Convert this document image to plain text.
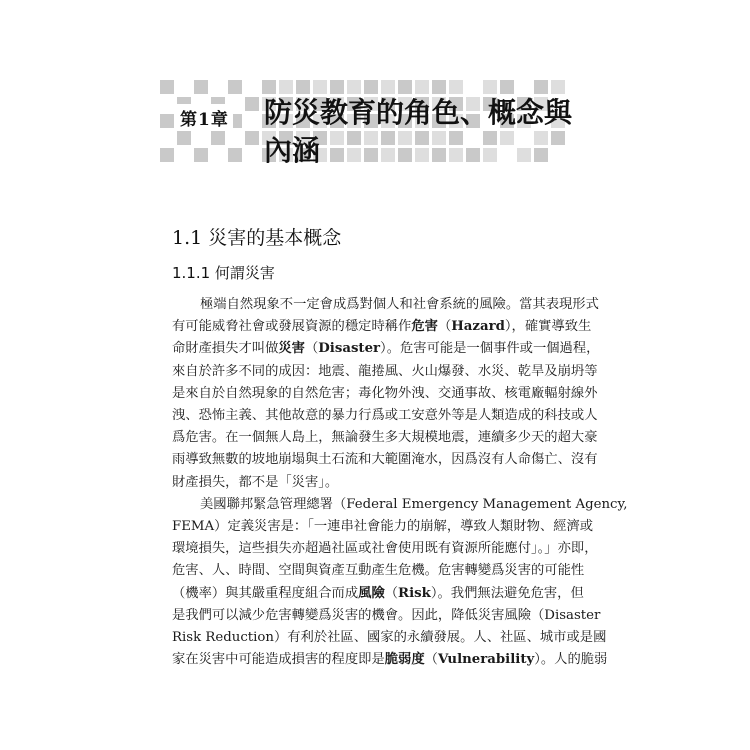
第1章 防災教育的角色、概念與
內涵
1.1 災害的基本概念
1.1.1 何謂災害
極端自然現象不一定會成爲對個人和社會系統的風險。當其表現形式
有可能威脅社會或發展資源的穩定時稱作危害（Hazard），確實導致生
命財產損失才叫做災害（Disaster）。危害可能是一個事件或一個過程，
來自於許多不同的成因：地震、龍捲風、火山爆發、水災、乾旱及崩坍等
是來自於自然現象的自然危害；毒化物外洩、交通事故、核電廠輻射線外
洩、恐怖主義、其他故意的暴力行爲或工安意外等是人類造成的科技或人
爲危害。在一個無人島上，無論發生多大規模地震，連續多少天的超大豪
雨導致無數的坡地崩塌與土石流和大範圍淹水，因爲沒有人命傷亡、沒有
財產損失，都不是「災害」。
美國聯邦緊急管理總署（Federal Emergency Management Agency,
FEMA）定義災害是：「一連串社會能力的崩解，導致人類財物、經濟或
環境損失，這些損失亦超過社區或社會使用既有資源所能應付」。」亦即，
危害、人、時間、空間與資產互動產生危機。危害轉變爲災害的可能性
（機率）與其嚴重程度組合而成風險（Risk）。我們無法避免危害，但
是我們可以減少危害轉變爲災害的機會。因此，降低災害風險（Disaster
Risk Reduction）有利於社區、國家的永續發展。人、社區、城市或是國
家在災害中可能造成損害的程度即是脆弱度（Vulnerability）。人的脆弱
